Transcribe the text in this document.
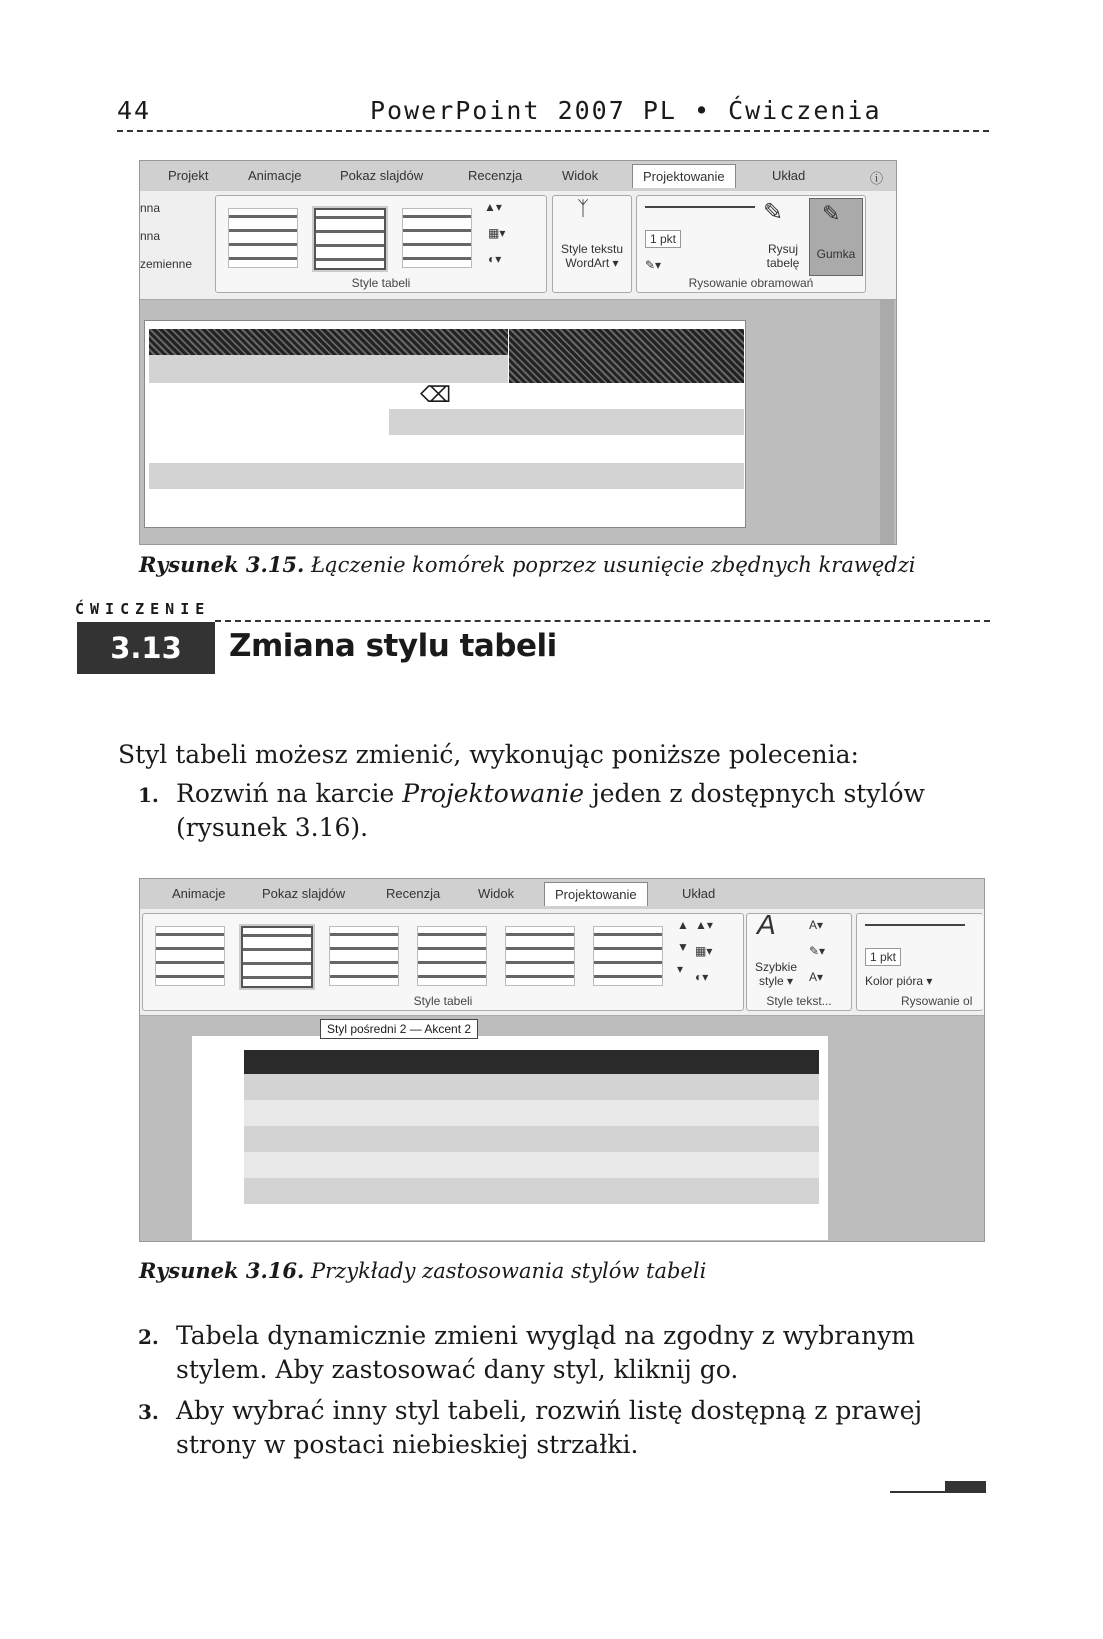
44	PowerPoint 2007 PL • Ćwiczenia
Projekt	Animacje	Pokaz slajdów	Recenzja	Widok	Projektowanie	Układ	ⓘ
nna
nna
zemienne
▲▾
▦▾
◐▾
Style tabeli
ᛉ
Style tekstu WordArt ▾
1 pkt
✎▾
✎
Rysuj tabelę
✎
Gumka
Rysowanie obramowań
⌫
Rysunek 3.15. Łączenie komórek poprzez usunięcie zbędnych krawędzi
ĆWICZENIE
3.13	Zmiana stylu tabeli
Styl tabeli możesz zmienić, wykonując poniższe polecenia:
1. Rozwiń na karcie Projektowanie jeden z dostępnych stylów (rysunek 3.16).
Animacje	Pokaz slajdów	Recenzja	Widok	Projektowanie	Układ
▲
▼
▾
▲▾
▦▾
◐▾
Style tabeli
A
Szybkie style ▾
A▾
✎▾
A▾
Style tekst...
1 pkt
Kolor pióra ▾
Rysowanie ol
Styl pośredni 2 — Akcent 2
Rysunek 3.16. Przykłady zastosowania stylów tabeli
2. Tabela dynamicznie zmieni wygląd na zgodny z wybranym stylem. Aby zastosować dany styl, kliknij go.
3. Aby wybrać inny styl tabeli, rozwiń listę dostępną z prawej strony w postaci niebieskiej strzałki.
